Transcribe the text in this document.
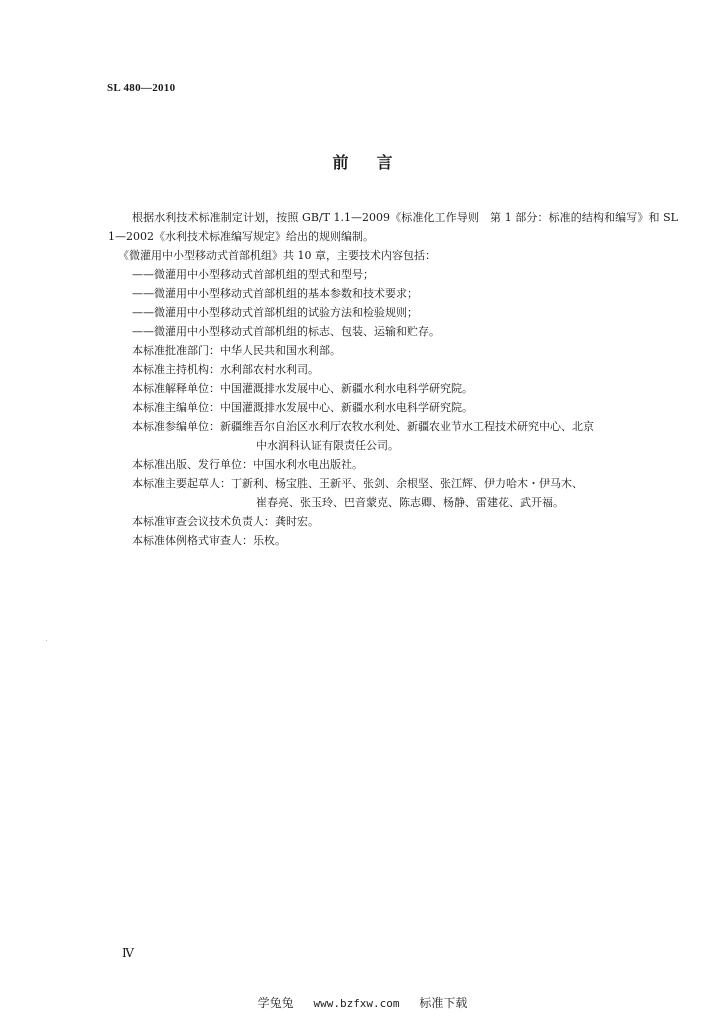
SL 480—2010
前言

根据水利技术标准制定计划，按照 GB/T 1.1—2009《标准化工作导则　第 1 部分：标准的结构和编写》和 SL 1—2002《水利技术标准编写规定》给出的规则编制。

《微灌用中小型移动式首部机组》共 10 章，主要技术内容包括：

——微灌用中小型移动式首部机组的型式和型号；

——微灌用中小型移动式首部机组的基本参数和技术要求；

——微灌用中小型移动式首部机组的试验方法和检验规则；

——微灌用中小型移动式首部机组的标志、包装、运输和贮存。

本标准批准部门：中华人民共和国水利部。

本标准主持机构：水利部农村水利司。

本标准解释单位：中国灌溉排水发展中心、新疆水利水电科学研究院。

本标准主编单位：中国灌溉排水发展中心、新疆水利水电科学研究院。

本标准参编单位：新疆维吾尔自治区水利厅农牧水利处、新疆农业节水工程技术研究中心、北京

中水润科认证有限责任公司。

本标准出版、发行单位：中国水利水电出版社。

本标准主要起草人：丁新利、杨宝胜、王新平、张剑、余根坚、张江辉、伊力哈木・伊马木、

崔春亮、张玉玲、巴音蒙克、陈志卿、杨静、雷建花、武开福。

本标准审查会议技术负责人：龚时宏。

本标准体例格式审查人：乐枚。

Ⅳ
学兔兔 www.bzfxw.com 标准下载
